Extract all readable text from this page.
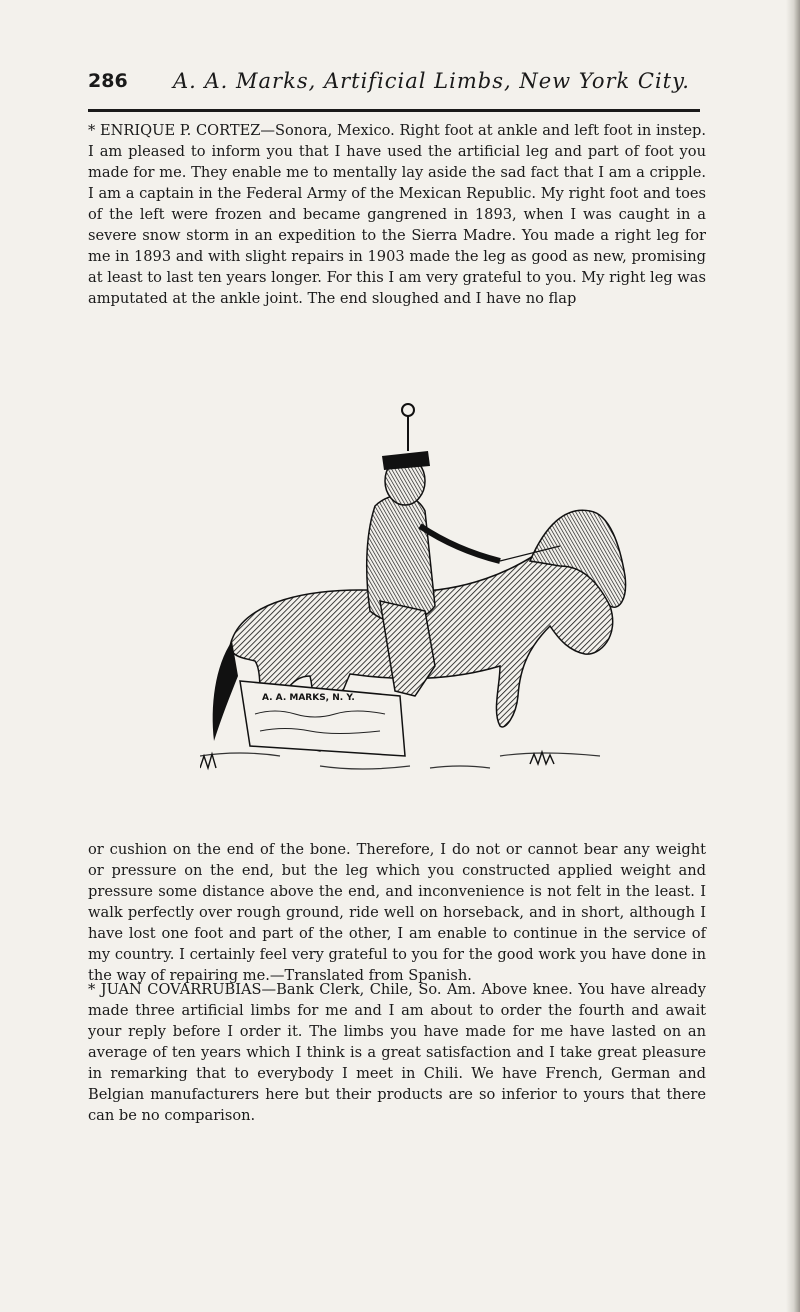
286 A. A. Marks, Artificial Limbs, New York City.

* ENRIQUE P. CORTEZ—Sonora, Mexico. Right foot at ankle and left foot in instep. I am pleased to inform you that I have used the artificial leg and part of foot you made for me. They enable me to mentally lay aside the sad fact that I am a cripple. I am a captain in the Federal Army of the Mexican Republic. My right foot and toes of the left were frozen and became gangrened in 1893, when I was caught in a severe snow storm in an expedition to the Sierra Madre. You made a right leg for me in 1893 and with slight repairs in 1903 made the leg as good as new, promising at least to last ten years longer. For this I am very grateful to you. My right leg was amputated at the ankle joint. The end sloughed and I have no flap

A. A. MARKS, N. Y.

or cushion on the end of the bone. Therefore, I do not or cannot bear any weight or pressure on the end, but the leg which you constructed applied weight and pressure some distance above the end, and inconvenience is not felt in the least. I walk perfectly over rough ground, ride well on horseback, and in short, although I have lost one foot and part of the other, I am enable to continue in the service of my country. I certainly feel very grateful to you for the good work you have done in the way of repairing me.—Translated from Spanish.

* JUAN COVARRUBIAS—Bank Clerk, Chile, So. Am. Above knee. You have already made three artificial limbs for me and I am about to order the fourth and await your reply before I order it. The limbs you have made for me have lasted on an average of ten years which I think is a great satisfaction and I take great pleasure in remarking that to everybody I meet in Chili. We have French, German and Belgian manufacturers here but their products are so inferior to yours that there can be no comparison.
